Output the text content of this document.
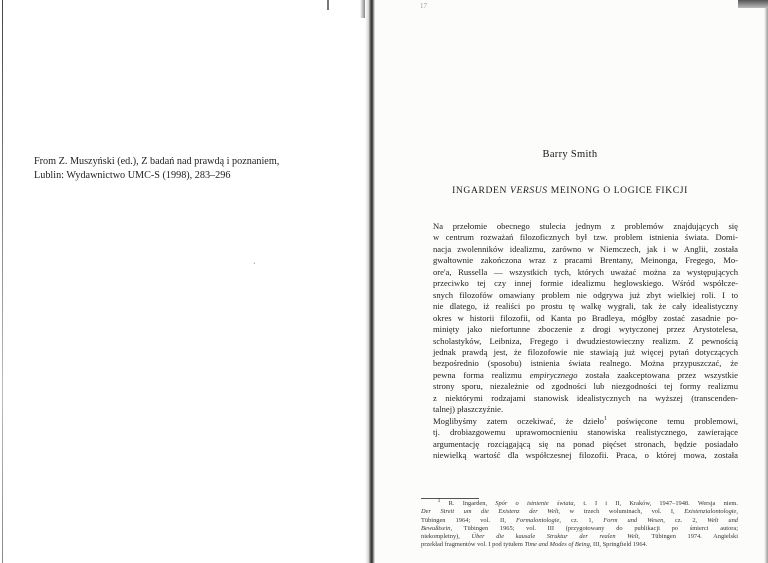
17
From Z. Muszyński (ed.), Z badań nad prawdą i poznaniem,
Lublin: Wydawnictwo UMC-S (1998), 283–296
ˎ
Barry Smith
INGARDEN VERSUS MEINONG O LOGICE FIKCJI

Na przełomie obecnego stulecia jednym z problemów znajdujących się
w centrum rozważań filozoficznych był tzw. problem istnienia świata. Domi-
nacja zwolenników idealizmu, zarówno w Niemczech, jak i w Anglii, została
gwałtownie zakończona wraz z pracami Brentany, Meinonga, Fregego, Mo-
ore'a, Russella — wszystkich tych, których uważać można za występujących
przeciwko tej czy innej formie idealizmu heglowskiego. Wśród współcze-
snych filozofów omawiany problem nie odgrywa już zbyt wielkiej roli. I to
nie dlatego, iż realiści po prostu tę walkę wygrali, tak że cały idealistyczny
okres w historii filozofii, od Kanta po Bradleya, mógłby zostać zasadnie po-
minięty jako niefortunne zboczenie z drogi wytyczonej przez Arystotelesa,
scholastyków, Leibniza, Fregego i dwudziestowieczny realizm. Z pewnością
jednak prawdą jest, że filozofowie nie stawiają już więcej pytań dotyczących
bezpośrednio (sposobu) istnienia świata realnego. Można przypuszczać, że
pewna forma realizmu empirycznego została zaakceptowana przez wszystkie
strony sporu, niezależnie od zgodności lub niezgodności tej formy realizmu
z niektórymi rodzajami stanowisk idealistycznych na wyższej (transcenden-
talnej) płaszczyźnie.

Moglibyśmy zatem oczekiwać, że dzieło$^1$ poświęcone temu problemowi,
tj. drobiazgowemu uprawomocnieniu stanowiska realistycznego, zawierające
argumentację rozciągającą się na ponad pięćset stronach, będzie posiadało
niewielką wartość dla współczesnej filozofii. Praca, o której mowa, została

$^1$ R. Ingarden, Spór o istnienie świata, t. I i II, Kraków, 1947–1948. Wersja niem.
Der Streit um die Existenz der Welt, w trzech woluminach, vol. I, Existenzialontologie,
Tübingen 1964; vol. II, Formalontologie, cz. 1, Form und Wesen, cz. 2, Welt und
Bewußtsein, Tübingen 1965; vol. III (przygotowany do publikacji po śmierci autora;
niekompletny), Über die kausale Struktur der realen Welt, Tübingen 1974. Angielski
przekład fragmentów vol. I pod tytułem Time and Modes of Being, III, Springfield 1964.
